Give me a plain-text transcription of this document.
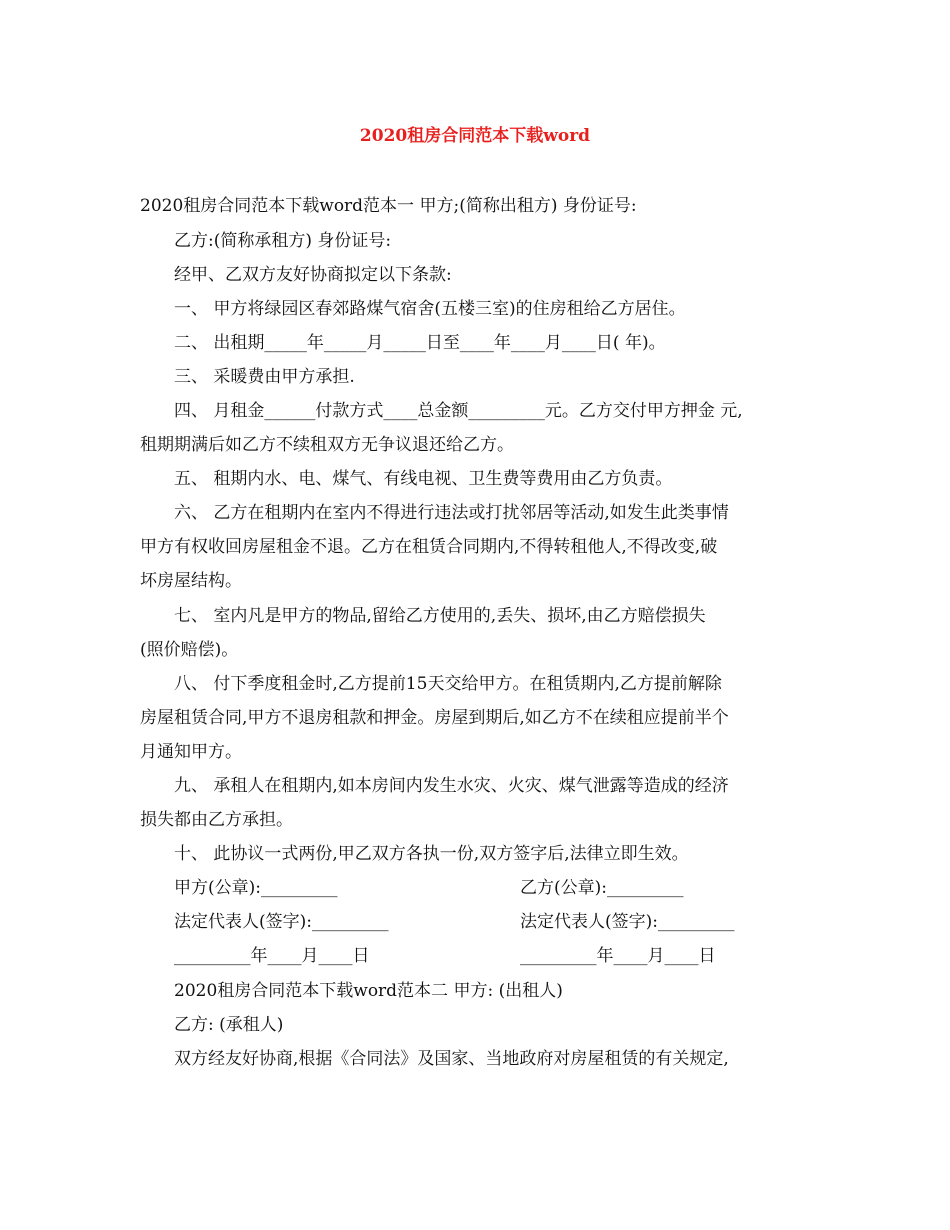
2020租房合同范本下载word
2020租房合同范本下载word范本一 甲方;(简称出租方) 身份证号:
乙方:(简称承租方) 身份证号:
经甲、乙双方友好协商拟定以下条款:
一、 甲方将绿园区春郊路煤气宿舍(五楼三室)的住房租给乙方居住。
二、 出租期_____年_____月_____日至____年____月____日( 年)。
三、 采暖费由甲方承担.
四、 月租金______付款方式____总金额_________元。乙方交付甲方押金 元,
租期期满后如乙方不续租双方无争议退还给乙方。
五、 租期内水、电、煤气、有线电视、卫生费等费用由乙方负责。
六、 乙方在租期内在室内不得进行违法或打扰邻居等活动,如发生此类事情
甲方有权收回房屋租金不退。乙方在租赁合同期内,不得转租他人,不得改变,破
坏房屋结构。
七、 室内凡是甲方的物品,留给乙方使用的,丢失、损坏,由乙方赔偿损失
(照价赔偿)。
八、 付下季度租金时,乙方提前15天交给甲方。在租赁期内,乙方提前解除
房屋租赁合同,甲方不退房租款和押金。房屋到期后,如乙方不在续租应提前半个
月通知甲方。
九、 承租人在租期内,如本房间内发生水灾、火灾、煤气泄露等造成的经济
损失都由乙方承担。
十、 此协议一式两份,甲乙双方各执一份,双方签字后,法律立即生效。
甲方(公章):_________	乙方(公章):_________
法定代表人(签字):_________	法定代表人(签字):_________
_________年____月____日	_________年____月____日
2020租房合同范本下载word范本二 甲方: (出租人)
乙方: (承租人)
双方经友好协商,根据《合同法》及国家、当地政府对房屋租赁的有关规定,
